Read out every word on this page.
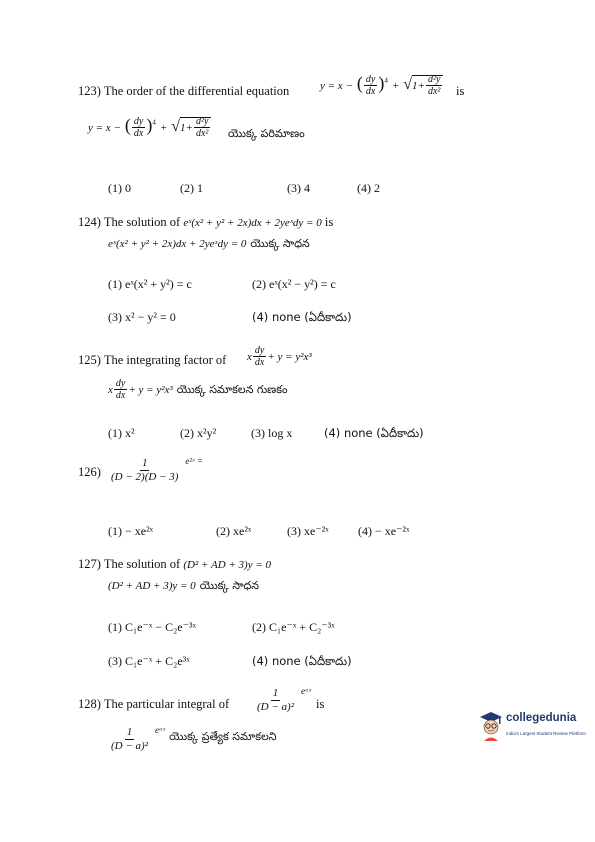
123) The order of the differential equation	y = x − ( $\frac{dy}{dx} )^4 + √1+ \frac{\text{d²y}}{\text{dx²}}$ is
y = x − ( $\frac{dy}{dx} )^4 + √1+ \frac{\text{d²y}}{\text{dx²}}$ యొక్క పరిమాణం
(1) 0	(2) 1	(3) 4	(4) 2
124) The solution of eˣ(x² + y² + 2x)dx + 2yeˣdy = 0 is
eˣ(x² + y² + 2x)dx + 2yeˣdy = 0 యొక్క సాధన
(1) eˣ(x² + y²) = c	(2) eˣ(x² − y²) = c
(3) x² − y² = 0	(4) none (ఏదీకాదు)
125) The integrating factor of x $\frac{dy}{dx} + y = y^2x^3$
x $\frac{dy}{dx} + y = y^2x^3$ యొక్క సమాకలన గుణకం
(1) x²	(2) x²y²	(3) log x	(4) none (ఏదీకాదు)
$126) \frac{1}{(D - 2)(D - 3)} ^{e^2ˣ =}$
(1) − xe²ˣ	(2) xe²ˣ	(3) xe⁻²ˣ (4) − xe⁻²ˣ
127) The solution of (D² + AD + 3)y = 0
(D² + AD + 3)y = 0 యొక్క సాధన
(1) C₁e⁻ˣ − C₂e⁻³ˣ	(2) C₁e⁻ˣ + C₂⁻³ˣ
(3) C₁e⁻ˣ + C₂e³ˣ	(4) none (ఏదీకాదు)
128) The particular integral of $\frac{1}{\text{(D − a)²}} ^{eᵃˣ}$
is
$\frac{1}{\text{(D − a)²}} ^{eᵃˣ}$ యొక్క ప్రత్యేక సమాకలని
collegedunia
India's Largest Student Review Platform
